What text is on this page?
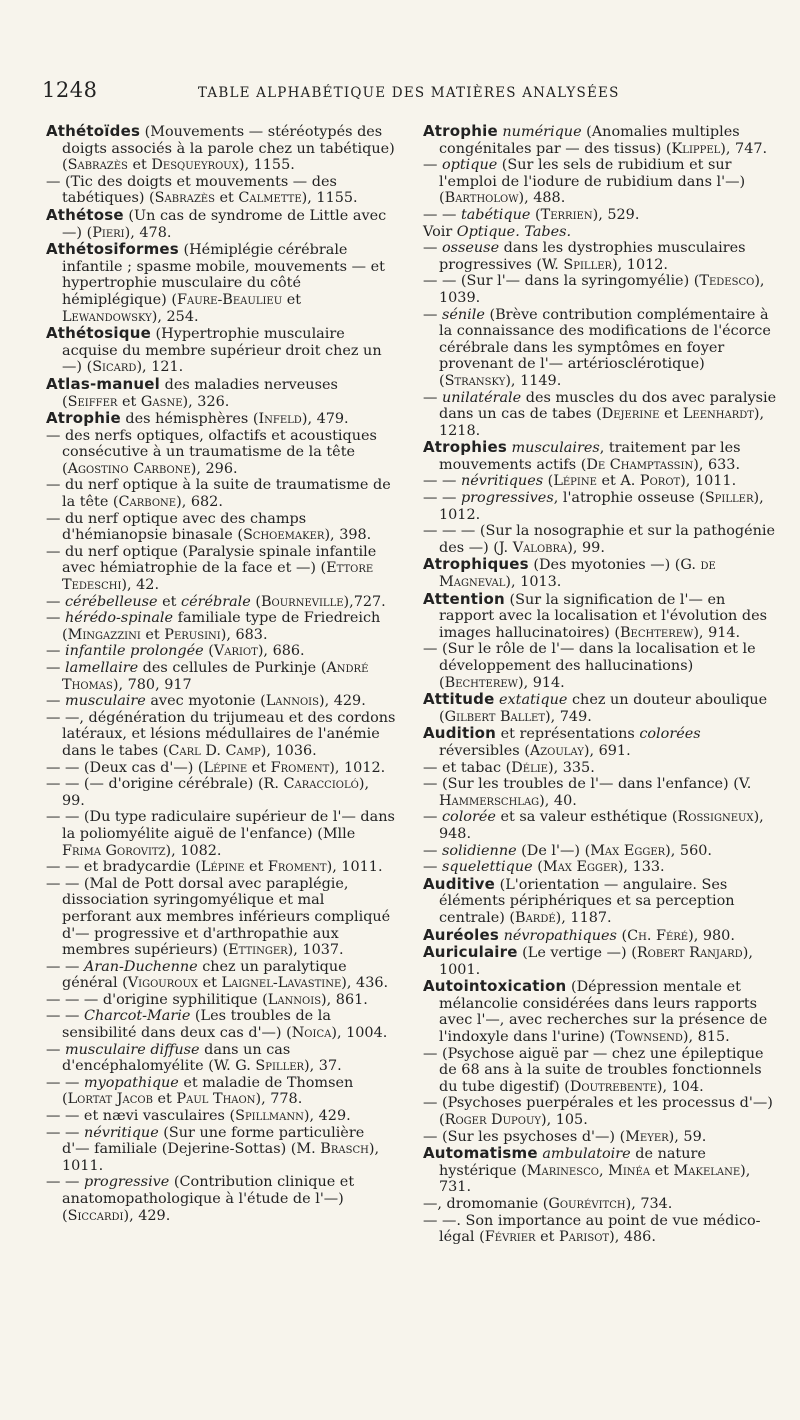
1248	TABLE ALPHABÉTIQUE DES MATIÈRES ANALYSÉES

Athétoïdes (Mouvements — stéréotypés des doigts associés à la parole chez un tabétique) (Sabrazès et Desqueyroux), 1155.

— (Tic des doigts et mouvements — des tabétiques) (Sabrazès et Calmette), 1155.

Athétose (Un cas de syndrome de Little avec —) (Pieri), 478.

Athétosiformes (Hémiplégie cérébrale infantile ; spasme mobile, mouvements — et hypertrophie musculaire du côté hémiplégique) (Faure-Beaulieu et Lewandowsky), 254.

Athétosique (Hypertrophie musculaire acquise du membre supérieur droit chez un —) (Sicard), 121.

Atlas-manuel des maladies nerveuses (Seiffer et Gasne), 326.

Atrophie des hémisphères (Infeld), 479.

— des nerfs optiques, olfactifs et acoustiques consécutive à un traumatisme de la tête (Agostino Carbone), 296.

— du nerf optique à la suite de traumatisme de la tête (Carbone), 682.

— du nerf optique avec des champs d'hémianopsie binasale (Schoemaker), 398.

— du nerf optique (Paralysie spinale infantile avec hémiatrophie de la face et —) (Ettore Tedeschi), 42.

— cérébelleuse et cérébrale (Bourneville),727.

— hérédo-spinale familiale type de Friedreich (Mingazzini et Perusini), 683.

— infantile prolongée (Variot), 686.

— lamellaire des cellules de Purkinje (André Thomas), 780, 917

— musculaire avec myotonie (Lannois), 429.

— —, dégénération du trijumeau et des cordons latéraux, et lésions médullaires de l'anémie dans le tabes (Carl D. Camp), 1036.

— — (Deux cas d'—) (Lépine et Froment), 1012.

— — (— d'origine cérébrale) (R. Caraccioló), 99.

— — (Du type radiculaire supérieur de l'— dans la poliomyélite aiguë de l'enfance) (Mlle Frima Gorovitz), 1082.

— — et bradycardie (Lépine et Froment), 1011.

— — (Mal de Pott dorsal avec paraplégie, dissociation syringomyélique et mal perforant aux membres inférieurs compliqué d'— progressive et d'arthropathie aux membres supérieurs) (Ettinger), 1037.

— — Aran-Duchenne chez un paralytique général (Vigouroux et Laignel-Lavastine), 436.

— — — d'origine syphilitique (Lannois), 861.

— — Charcot-Marie (Les troubles de la sensibilité dans deux cas d'—) (Noica), 1004.

— musculaire diffuse dans un cas d'encéphalomyélite (W. G. Spiller), 37.

— — myopathique et maladie de Thomsen (Lortat Jacob et Paul Thaon), 778.

— — et nævi vasculaires (Spillmann), 429.

— — névritique (Sur une forme particulière d'— familiale (Dejerine-Sottas) (M. Brasch), 1011.

— — progressive (Contribution clinique et anatomopathologique à l'étude de l'—) (Siccardi), 429.

Atrophie numérique (Anomalies multiples congénitales par — des tissus) (Klippel), 747.

— optique (Sur les sels de rubidium et sur l'emploi de l'iodure de rubidium dans l'—) (Bartholow), 488.

— — tabétique (Terrien), 529.

Voir Optique. Tabes.

— osseuse dans les dystrophies musculaires progressives (W. Spiller), 1012.

— — (Sur l'— dans la syringomyélie) (Tedesco), 1039.

— sénile (Brève contribution complémentaire à la connaissance des modifications de l'écorce cérébrale dans les symptômes en foyer provenant de l'— artériosclérotique) (Stransky), 1149.

— unilatérale des muscles du dos avec paralysie dans un cas de tabes (Dejerine et Leenhardt), 1218.

Atrophies musculaires, traitement par les mouvements actifs (De Champtassin), 633.

— — névritiques (Lépine et A. Porot), 1011.

— — progressives, l'atrophie osseuse (Spiller), 1012.

— — — (Sur la nosographie et sur la pathogénie des —) (J. Valobra), 99.

Atrophiques (Des myotonies —) (G. de Magneval), 1013.

Attention (Sur la signification de l'— en rapport avec la localisation et l'évolution des images hallucinatoires) (Bechterew), 914.

— (Sur le rôle de l'— dans la localisation et le développement des hallucinations) (Bechterew), 914.

Attitude extatique chez un douteur aboulique (Gilbert Ballet), 749.

Audition et représentations colorées réversibles (Azoulay), 691.

— et tabac (Délie), 335.

— (Sur les troubles de l'— dans l'enfance) (V. Hammerschlag), 40.

— colorée et sa valeur esthétique (Rossigneux), 948.

— solidienne (De l'—) (Max Egger), 560.

— squelettique (Max Egger), 133.

Auditive (L'orientation — angulaire. Ses éléments périphériques et sa perception centrale) (Bardé), 1187.

Auréoles névropathiques (Ch. Féré), 980.

Auriculaire (Le vertige —) (Robert Ranjard), 1001.

Autointoxication (Dépression mentale et mélancolie considérées dans leurs rapports avec l'—, avec recherches sur la présence de l'indoxyle dans l'urine) (Townsend), 815.

— (Psychose aiguë par — chez une épileptique de 68 ans à la suite de troubles fonctionnels du tube digestif) (Doutrebente), 104.

— (Psychoses puerpérales et les processus d'—) (Roger Dupouy), 105.

— (Sur les psychoses d'—) (Meyer), 59.

Automatisme ambulatoire de nature hystérique (Marinesco, Minéa et Makelane), 731.

—, dromomanie (Gourévitch), 734.

— —. Son importance au point de vue médico-légal (Février et Parisot), 486.
